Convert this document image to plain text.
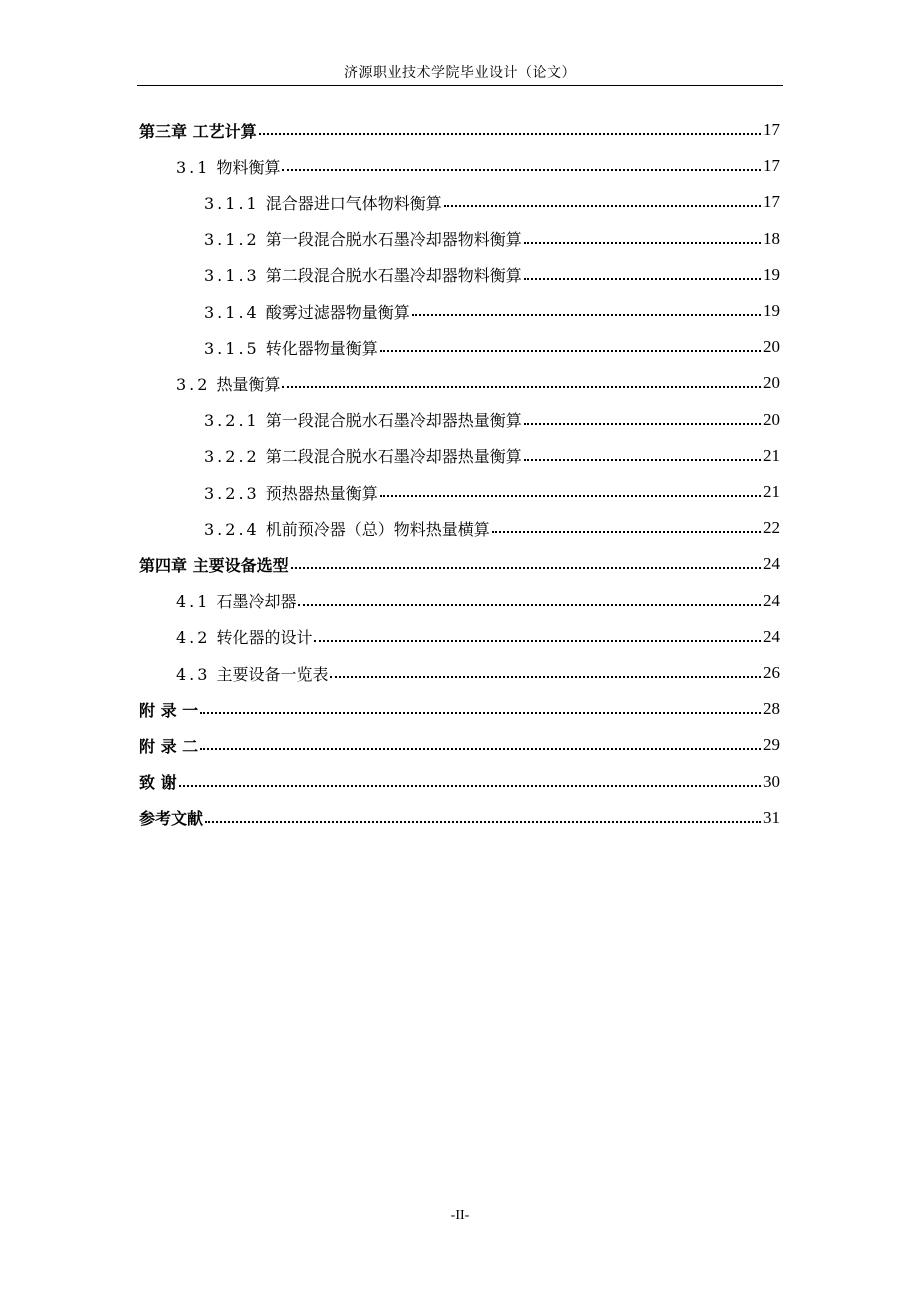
济源职业技术学院毕业设计（论文）
第三章 工艺计算	17
3.1 物料衡算	17
3.1.1 混合器进口气体物料衡算	17
3.1.2 第一段混合脱水石墨冷却器物料衡算	18
3.1.3 第二段混合脱水石墨冷却器物料衡算	19
3.1.4 酸雾过滤器物量衡算	19
3.1.5 转化器物量衡算	20
3.2 热量衡算	20
3.2.1 第一段混合脱水石墨冷却器热量衡算	20
3.2.2 第二段混合脱水石墨冷却器热量衡算	21
3.2.3 预热器热量衡算	21
3.2.4 机前预冷器（总）物料热量横算	22
第四章 主要设备选型	24
4.1 石墨冷却器	24
4.2 转化器的设计	24
4.3 主要设备一览表	26
附 录 一	28
附 录 二	29
致 谢	30
参考文献	31
-II-
